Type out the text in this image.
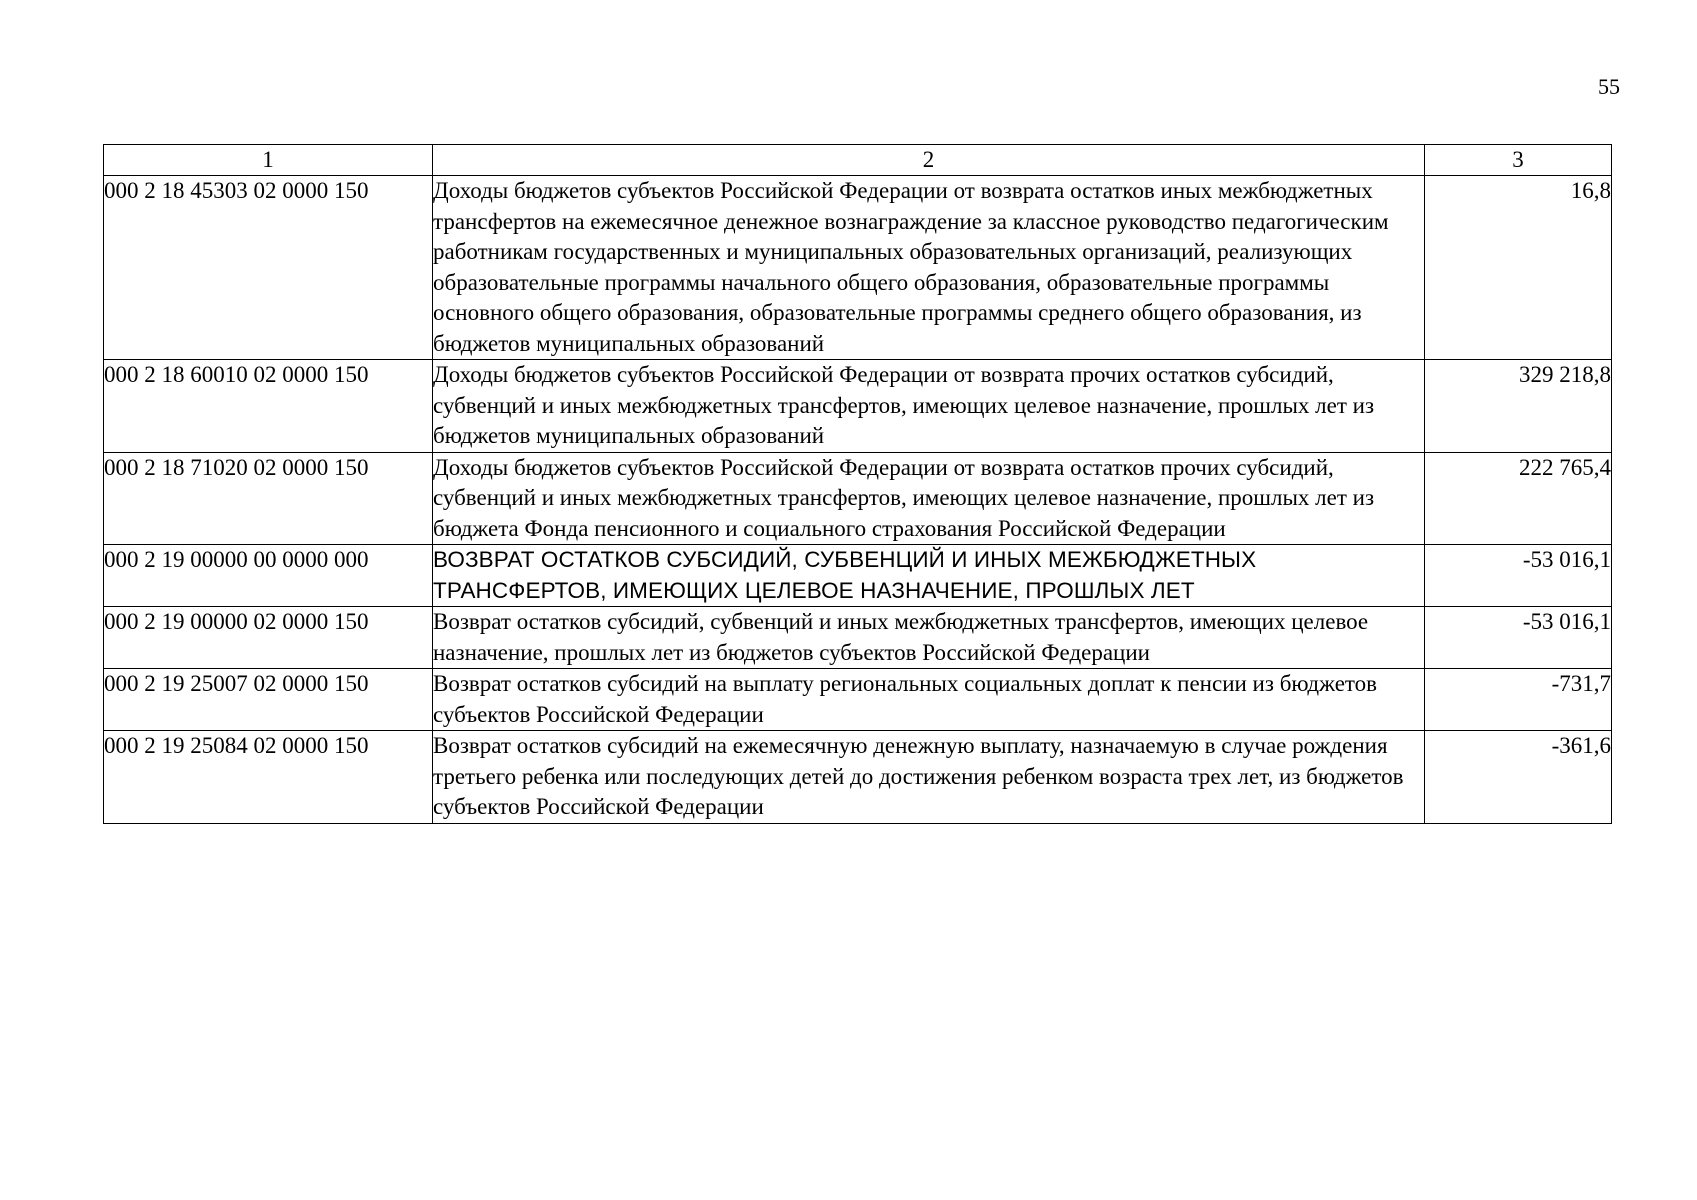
55
1	2	3
000 2 18 45303 02 0000 150	Доходы бюджетов субъектов Российской Федерации от возврата остатков иных межбюджетных трансфертов на ежемесячное денежное вознаграждение за классное руководство педагогическим работникам государственных и муниципальных образовательных организаций, реализующих образовательные программы начального общего образования, образовательные программы основного общего образования, образовательные программы среднего общего образования, из бюджетов муниципальных образований	16,8
000 2 18 60010 02 0000 150	Доходы бюджетов субъектов Российской Федерации от возврата прочих остатков субсидий, субвенций и иных межбюджетных трансфертов, имеющих целевое назначение, прошлых лет из бюджетов муниципальных образований	329 218,8
000 2 18 71020 02 0000 150	Доходы бюджетов субъектов Российской Федерации от возврата остатков прочих субсидий, субвенций и иных межбюджетных трансфертов, имеющих целевое назначение, прошлых лет из бюджета Фонда пенсионного и социального страхования Российской Федерации	222 765,4
000 2 19 00000 00 0000 000	ВОЗВРАТ ОСТАТКОВ СУБСИДИЙ, СУБВЕНЦИЙ И ИНЫХ МЕЖБЮДЖЕТНЫХ ТРАНСФЕРТОВ, ИМЕЮЩИХ ЦЕЛЕВОЕ НАЗНАЧЕНИЕ, ПРОШЛЫХ ЛЕТ	-53 016,1
000 2 19 00000 02 0000 150	Возврат остатков субсидий, субвенций и иных межбюджетных трансфертов, имеющих целевое назначение, прошлых лет из бюджетов субъектов Российской Федерации	-53 016,1
000 2 19 25007 02 0000 150	Возврат остатков субсидий на выплату региональных социальных доплат к пенсии из бюджетов субъектов Российской Федерации	-731,7
000 2 19 25084 02 0000 150	Возврат остатков субсидий на ежемесячную денежную выплату, назначаемую в случае рождения третьего ребенка или последующих детей до достижения ребенком возраста трех лет, из бюджетов субъектов Российской Федерации	-361,6
